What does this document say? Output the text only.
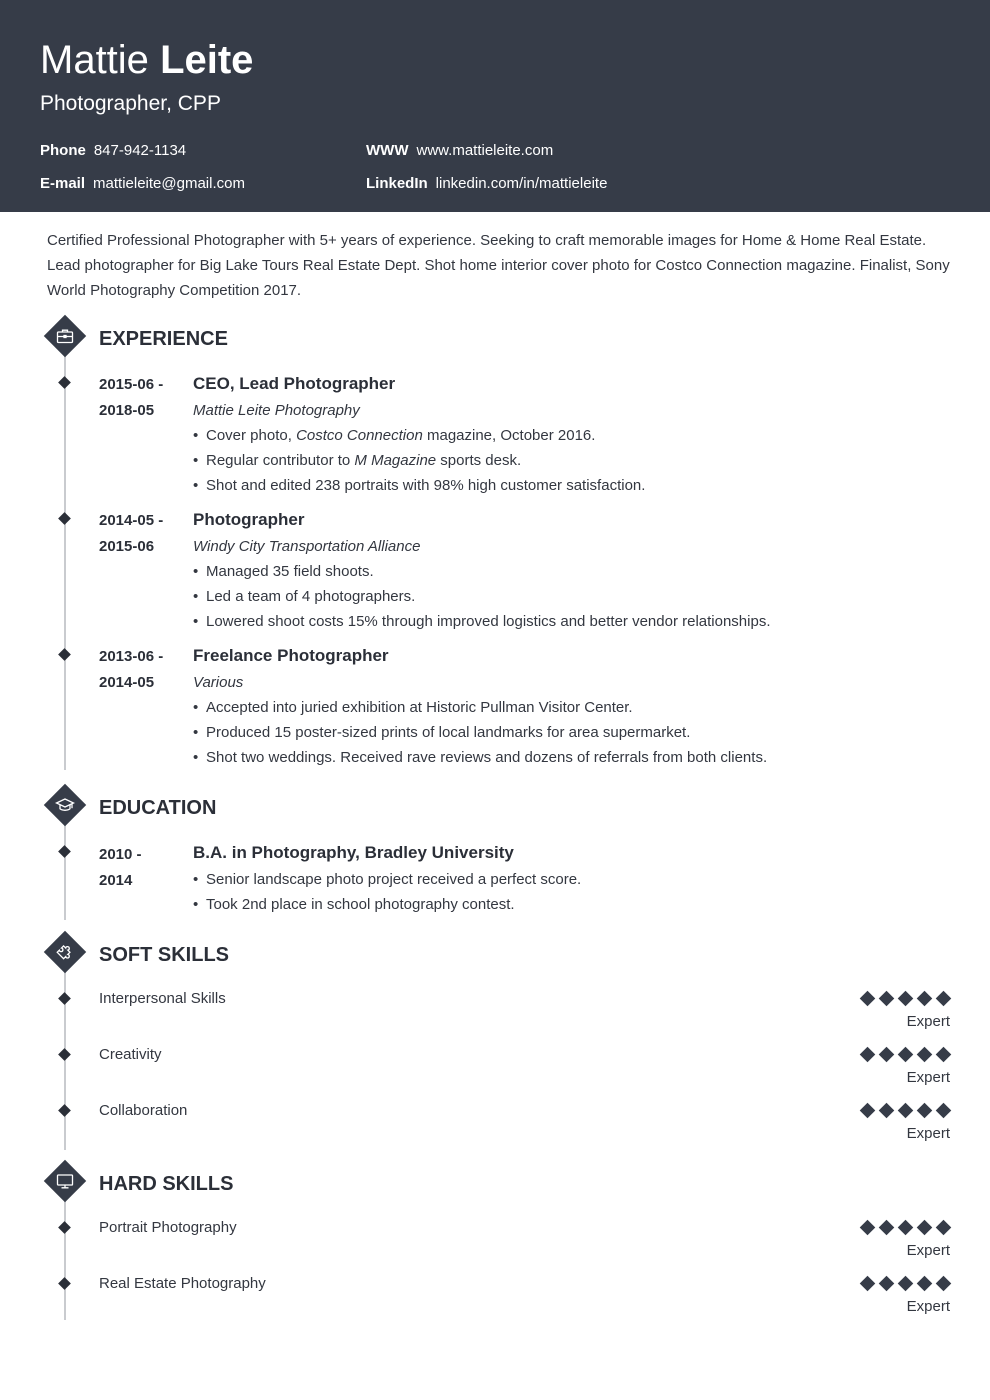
Mattie Leite
Photographer, CPP
Phone 847-942-1134	WWW www.mattieleite.com
E-mail mattieleite@gmail.com	LinkedIn linkedin.com/in/mattieleite
Certified Professional Photographer with 5+ years of experience. Seeking to craft memorable images for Home & Home Real Estate. Lead photographer for Big Lake Tours Real Estate Dept. Shot home interior cover photo for Costco Connection magazine. Finalist, Sony World Photography Competition 2017.
EXPERIENCE
2015-06 -
2018-05
CEO, Lead Photographer
Mattie Leite Photography
• Cover photo, Costco Connection magazine, October 2016.
• Regular contributor to M Magazine sports desk.
• Shot and edited 238 portraits with 98% high customer satisfaction.
2014-05 -
2015-06
Photographer
Windy City Transportation Alliance
• Managed 35 field shoots.
• Led a team of 4 photographers.
• Lowered shoot costs 15% through improved logistics and better vendor relationships.
2013-06 -
2014-05
Freelance Photographer
Various
• Accepted into juried exhibition at Historic Pullman Visitor Center.
• Produced 15 poster-sized prints of local landmarks for area supermarket.
• Shot two weddings. Received rave reviews and dozens of referrals from both clients.
EDUCATION
2010 -
2014
B.A. in Photography, Bradley University
• Senior landscape photo project received a perfect score.
• Took 2nd place in school photography contest.
SOFT SKILLS
Interpersonal Skills
Expert
Creativity
Expert
Collaboration
Expert
HARD SKILLS
Portrait Photography
Expert
Real Estate Photography
Expert
